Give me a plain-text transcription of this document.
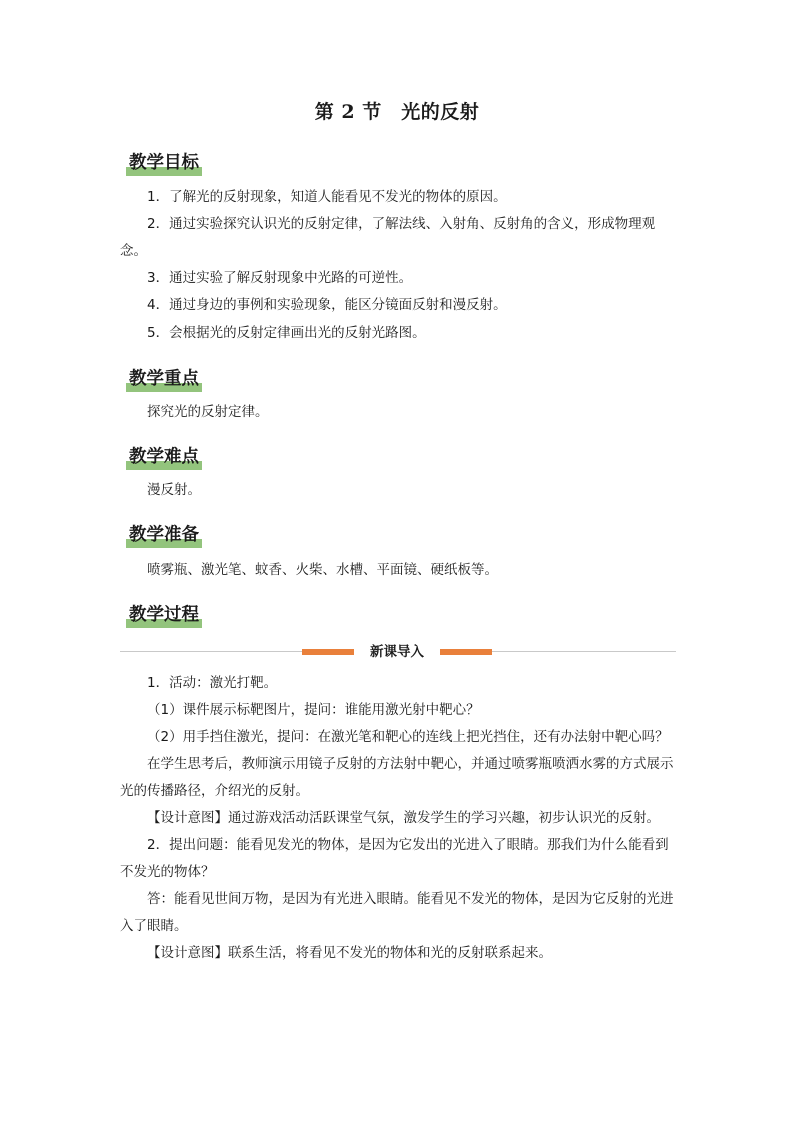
第 2 节　光的反射
教学目标

1．了解光的反射现象，知道人能看见不发光的物体的原因。

2．通过实验探究认识光的反射定律，了解法线、入射角、反射角的含义，形成物理观念。

3．通过实验了解反射现象中光路的可逆性。

4．通过身边的事例和实验现象，能区分镜面反射和漫反射。

5．会根据光的反射定律画出光的反射光路图。

教学重点

探究光的反射定律。

教学难点

漫反射。

教学准备

喷雾瓶、激光笔、蚊香、火柴、水槽、平面镜、硬纸板等。

教学过程
新课导入

1．活动：激光打靶。

（1）课件展示标靶图片，提问：谁能用激光射中靶心？

（2）用手挡住激光，提问：在激光笔和靶心的连线上把光挡住，还有办法射中靶心吗？

在学生思考后，教师演示用镜子反射的方法射中靶心，并通过喷雾瓶喷洒水雾的方式展示光的传播路径，介绍光的反射。

【设计意图】通过游戏活动活跃课堂气氛，激发学生的学习兴趣，初步认识光的反射。

2．提出问题：能看见发光的物体，是因为它发出的光进入了眼睛。那我们为什么能看到不发光的物体？

答：能看见世间万物，是因为有光进入眼睛。能看见不发光的物体，是因为它反射的光进入了眼睛。

【设计意图】联系生活，将看见不发光的物体和光的反射联系起来。
